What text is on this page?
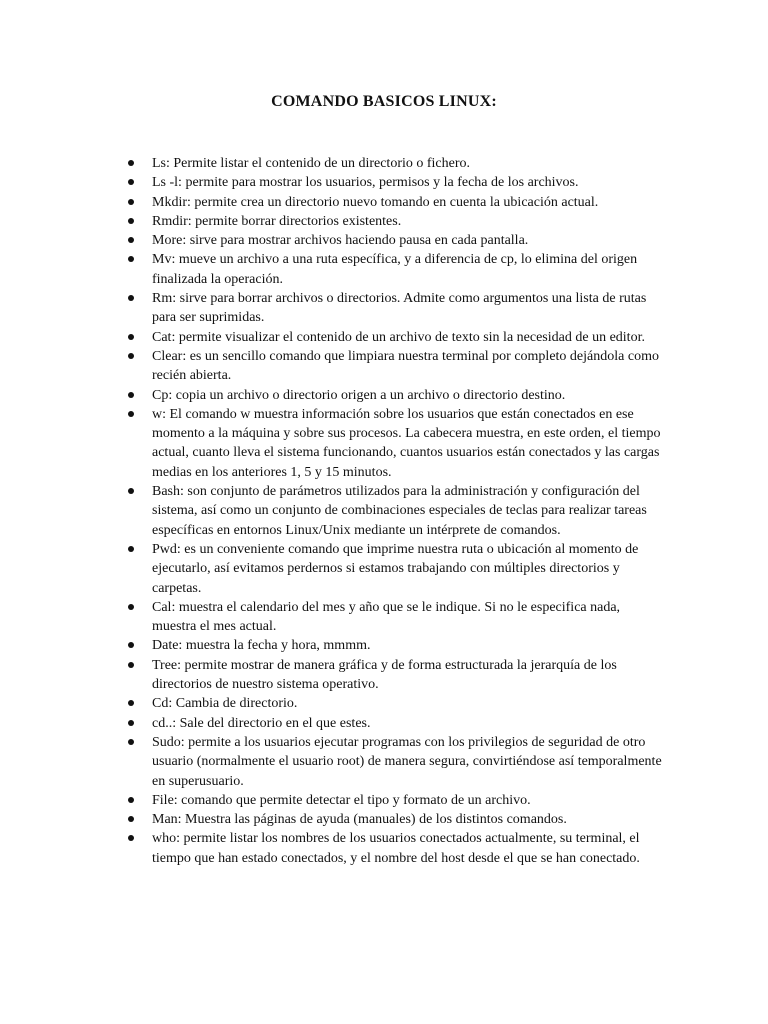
COMANDO BASICOS LINUX:
Ls: Permite listar el contenido de un directorio o fichero.
Ls -l: permite para mostrar los usuarios, permisos y la fecha de los archivos.
Mkdir: permite crea un directorio nuevo tomando en cuenta la ubicación actual.
Rmdir: permite borrar directorios existentes.
More: sirve para mostrar archivos haciendo pausa en cada pantalla.
Mv: mueve un archivo a una ruta específica, y a diferencia de cp, lo elimina del origen finalizada la operación.
Rm: sirve para borrar archivos o directorios. Admite como argumentos una lista de rutas para ser suprimidas.
Cat: permite visualizar el contenido de un archivo de texto sin la necesidad de un editor.
Clear: es un sencillo comando que limpiara nuestra terminal por completo dejándola como recién abierta.
Cp: copia un archivo o directorio origen a un archivo o directorio destino.
w: El comando w muestra información sobre los usuarios que están conectados en ese momento a la máquina y sobre sus procesos. La cabecera muestra, en este orden, el tiempo actual, cuanto lleva el sistema funcionando, cuantos usuarios están conectados y las cargas medias en los anteriores 1, 5 y 15 minutos.
Bash: son conjunto de parámetros utilizados para la administración y configuración del sistema, así como un conjunto de combinaciones especiales de teclas para realizar tareas específicas en entornos Linux/Unix mediante un intérprete de comandos.
Pwd: es un conveniente comando que imprime nuestra ruta o ubicación al momento de ejecutarlo, así evitamos perdernos si estamos trabajando con múltiples directorios y carpetas.
Cal: muestra el calendario del mes y año que se le indique. Si no le especifica nada, muestra el mes actual.
Date: muestra la fecha y hora, mmmm.
Tree: permite mostrar de manera gráfica y de forma estructurada la jerarquía de los directorios de nuestro sistema operativo.
Cd: Cambia de directorio.
cd..: Sale del directorio en el que estes.
Sudo: permite a los usuarios ejecutar programas con los privilegios de seguridad de otro usuario (normalmente el usuario root) de manera segura, convirtiéndose así temporalmente en superusuario.
File: comando que permite detectar el tipo y formato de un archivo.
Man: Muestra las páginas de ayuda (manuales) de los distintos comandos.
who: permite listar los nombres de los usuarios conectados actualmente, su terminal, el tiempo que han estado conectados, y el nombre del host desde el que se han conectado.
